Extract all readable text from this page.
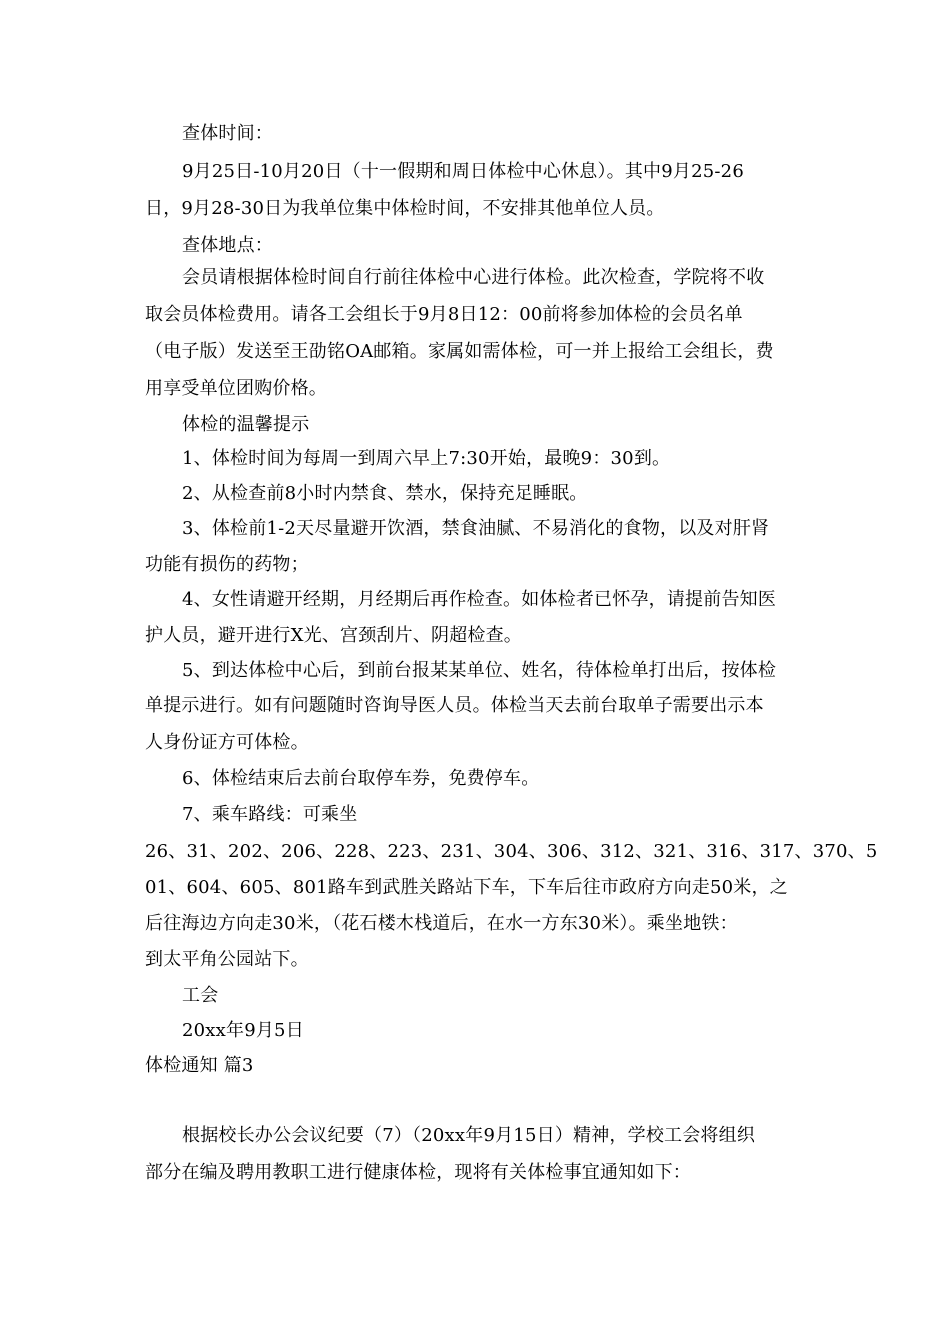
查体时间：
9月25日-10月20日（十一假期和周日体检中心休息）。其中9月25-26
日，9月28-30日为我单位集中体检时间，不安排其他单位人员。
查体地点：
会员请根据体检时间自行前往体检中心进行体检。此次检查，学院将不收
取会员体检费用。请各工会组长于9月8日12：00前将参加体检的会员名单
（电子版）发送至王劭铭OA邮箱。家属如需体检，可一并上报给工会组长，费
用享受单位团购价格。
体检的温馨提示
1、体检时间为每周一到周六早上7:30开始，最晚9：30到。
2、从检查前8小时内禁食、禁水，保持充足睡眠。
3、体检前1-2天尽量避开饮酒，禁食油腻、不易消化的食物，以及对肝肾
功能有损伤的药物；
4、女性请避开经期，月经期后再作检查。如体检者已怀孕，请提前告知医
护人员，避开进行X光、宫颈刮片、阴超检查。
5、到达体检中心后，到前台报某某单位、姓名，待体检单打出后，按体检
单提示进行。如有问题随时咨询导医人员。体检当天去前台取单子需要出示本
人身份证方可体检。
6、体检结束后去前台取停车券，免费停车。
7、乘车路线：可乘坐
26、31、202、206、228、223、231、304、306、312、321、316、317、370、5
01、604、605、801路车到武胜关路站下车，下车后往市政府方向走50米，之
后往海边方向走30米，（花石楼木栈道后，在水一方东30米）。乘坐地铁：
到太平角公园站下。
工会
20xx年9月5日
体检通知 篇3
根据校长办公会议纪要（7）（20xx年9月15日）精神，学校工会将组织
部分在编及聘用教职工进行健康体检，现将有关体检事宜通知如下：
